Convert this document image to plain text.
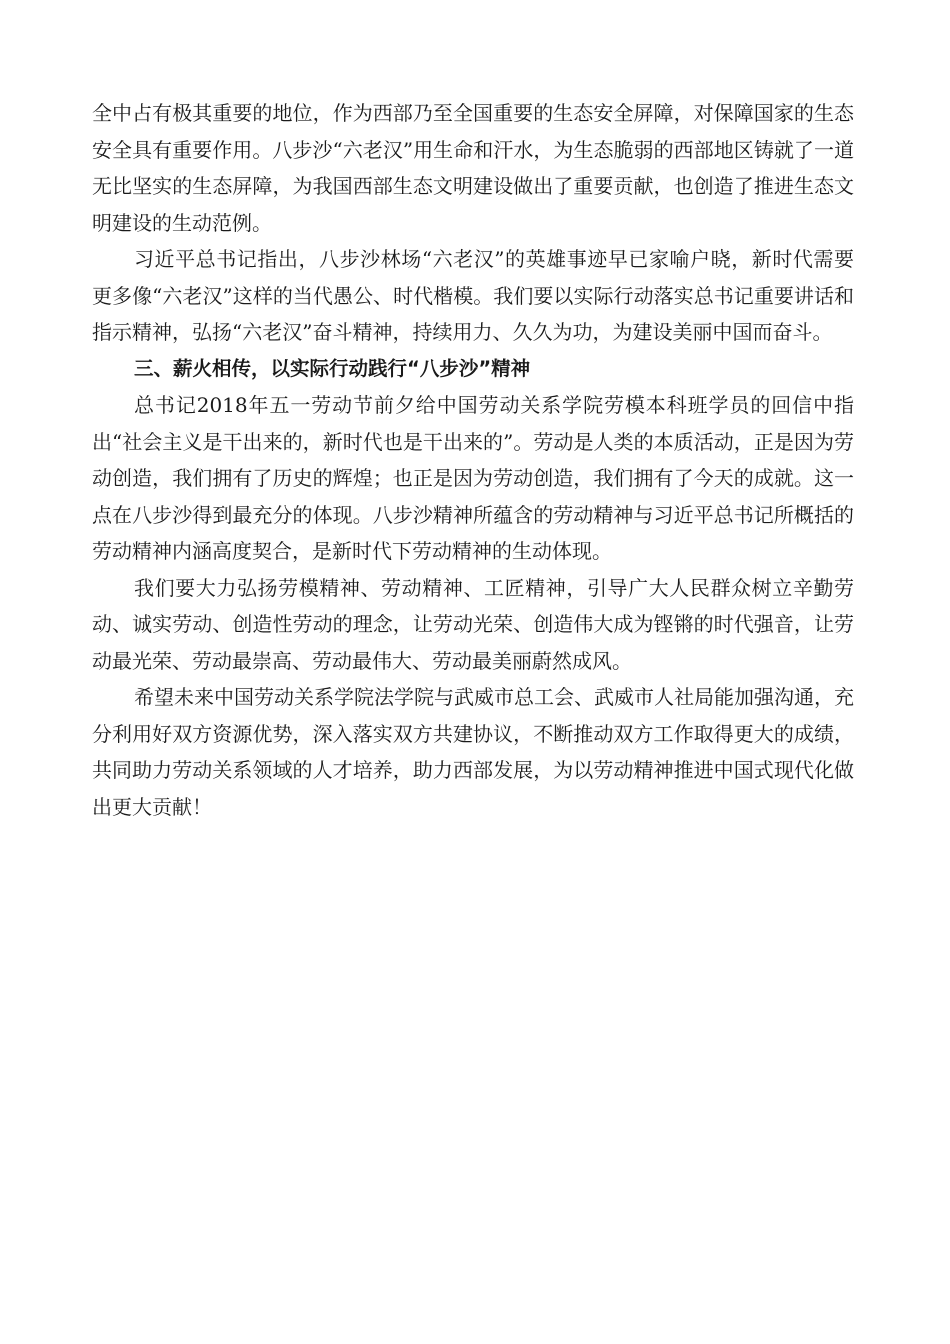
全中占有极其重要的地位，作为西部乃至全国重要的生态安全屏障，对保障国家的生态安全具有重要作用。八步沙“六老汉”用生命和汗水，为生态脆弱的西部地区铸就了一道无比坚实的生态屏障，为我国西部生态文明建设做出了重要贡献，也创造了推进生态文明建设的生动范例。

习近平总书记指出，八步沙林场“六老汉”的英雄事迹早已家喻户晓，新时代需要更多像“六老汉”这样的当代愚公、时代楷模。我们要以实际行动落实总书记重要讲话和指示精神，弘扬“六老汉”奋斗精神，持续用力、久久为功，为建设美丽中国而奋斗。

三、薪火相传，以实际行动践行“八步沙”精神

总书记2018年五一劳动节前夕给中国劳动关系学院劳模本科班学员的回信中指出“社会主义是干出来的，新时代也是干出来的”。劳动是人类的本质活动，正是因为劳动创造，我们拥有了历史的辉煌；也正是因为劳动创造，我们拥有了今天的成就。这一点在八步沙得到最充分的体现。八步沙精神所蕴含的劳动精神与习近平总书记所概括的劳动精神内涵高度契合，是新时代下劳动精神的生动体现。

我们要大力弘扬劳模精神、劳动精神、工匠精神，引导广大人民群众树立辛勤劳动、诚实劳动、创造性劳动的理念，让劳动光荣、创造伟大成为铿锵的时代强音，让劳动最光荣、劳动最崇高、劳动最伟大、劳动最美丽蔚然成风。

希望未来中国劳动关系学院法学院与武威市总工会、武威市人社局能加强沟通，充分利用好双方资源优势，深入落实双方共建协议，不断推动双方工作取得更大的成绩，共同助力劳动关系领域的人才培养，助力西部发展，为以劳动精神推进中国式现代化做出更大贡献！
